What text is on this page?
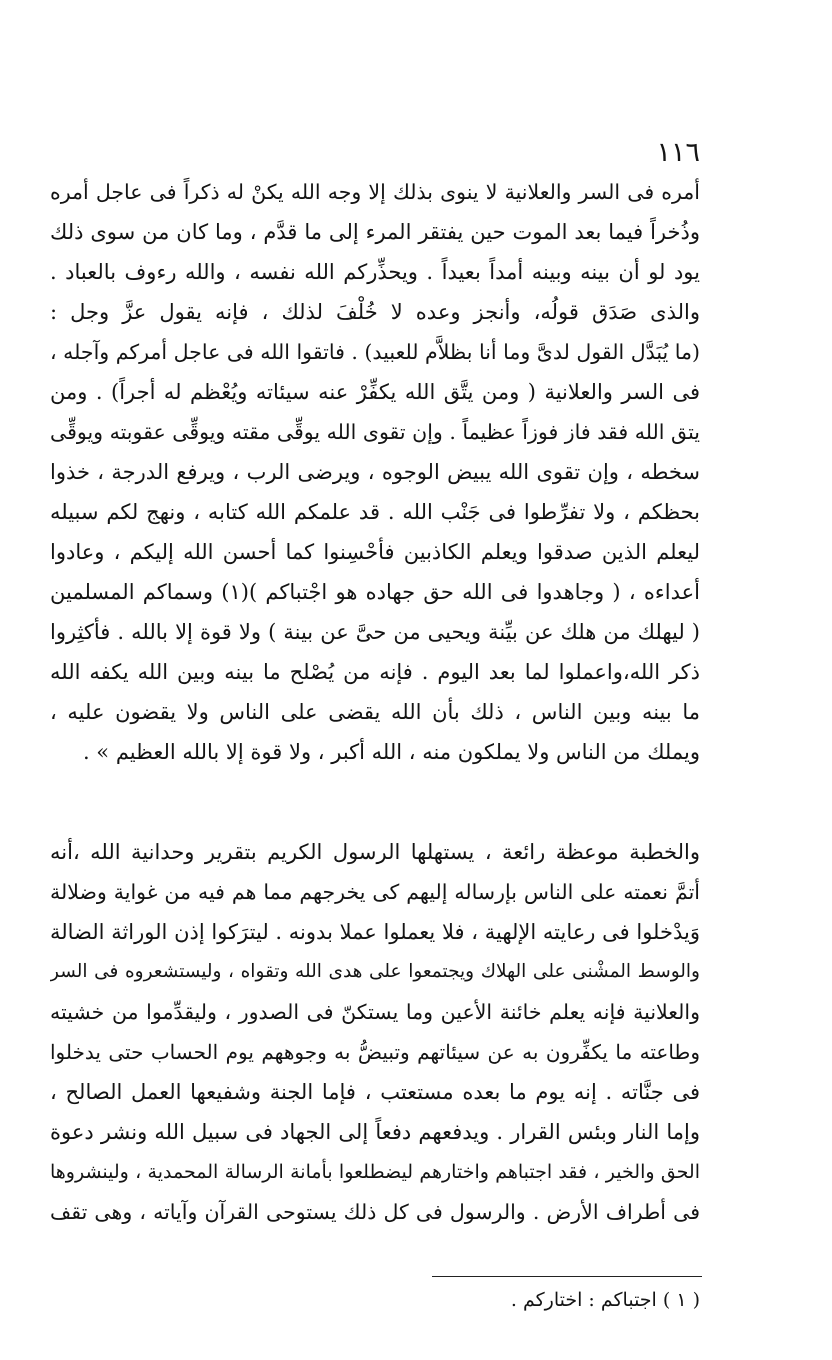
١١٦
أمره فى السر والعلانية لا ينوى بذلك إلا وجه الله يكنْ له ذكراً فى عاجل أمره
وذُخراً فيما بعد الموت حين يفتقر المرء إلى ما قدَّم ، وما كان من سوى ذلك
يود لو أن بينه وبينه أمداً بعيداً . ويحذِّركم الله نفسه ، والله رءوف بالعباد .
والذى صَدَق قولُه، وأنجز وعده لا خُلْفَ لذلك ، فإنه يقول عزَّ وجل :
(ما يُبَدَّل القول لدىَّ وما أنا بظلاَّم للعبيد) . فاتقوا الله فى عاجل أمركم وآجله ،
فى السر والعلانية ( ومن يتَّق الله يكفِّرْ عنه سيئاته ويُعْظم له أجراً) . ومن
يتق الله فقد فاز فوزاً عظيماً . وإن تقوى الله يوقِّى مقته ويوقِّى عقوبته ويوقِّى
سخطه ، وإن تقوى الله يبيض الوجوه ، ويرضى الرب ، ويرفع الدرجة ، خذوا
بحظكم ، ولا تفرِّطوا فى جَنْب الله . قد علمكم الله كتابه ، ونهج لكم سبيله
ليعلم الذين صدقوا ويعلم الكاذبين فأحْسِنوا كما أحسن الله إليكم ، وعادوا
أعداءه ، ( وجاهدوا فى الله حق جهاده هو اجْتباكم )(١) وسماكم المسلمين
( ليهلك من هلك عن بيِّنة ويحيى من حىَّ عن بينة ) ولا قوة إلا بالله . فأكثِروا
ذكر الله،واعملوا لما بعد اليوم . فإنه من يُصْلح ما بينه وبين الله يكفه الله
ما بينه وبين الناس ، ذلك بأن الله يقضى على الناس ولا يقضون عليه ،
ويملك من الناس ولا يملكون منه ، الله أكبر ، ولا قوة إلا بالله العظيم » .
والخطبة موعظة رائعة ، يستهلها الرسول الكريم بتقرير وحدانية الله ،أنه
أتمَّ نعمته على الناس بإرساله إليهم كى يخرجهم مما هم فيه من غواية وضلالة
وَيدْخلوا فى رعايته الإلهية ، فلا يعملوا عملا بدونه . ليترَكوا إذن الوراثة الضالة
والوسط المشْنى على الهلاك ويجتمعوا على هدى الله وتقواه ، وليستشعروه فى السر
والعلانية فإنه يعلم خائنة الأعين وما يستكنّ فى الصدور ، وليقدِّموا من خشيته
وطاعته ما يكفِّرون به عن سيئاتهم وتبيضُّ به وجوههم يوم الحساب حتى يدخلوا
فى جنَّاته . إنه يوم ما بعده مستعتب ، فإما الجنة وشفيعها العمل الصالح ،
وإما النار وبئس القرار . ويدفعهم دفعاً إلى الجهاد فى سبيل الله ونشر دعوة
الحق والخير ، فقد اجتباهم واختارهم ليضطلعوا بأمانة الرسالة المحمدية ، ولينشروها
فى أطراف الأرض . والرسول فى كل ذلك يستوحى القرآن وآياته ، وهى تقف
( ١ ) اجتباكم : اختاركم .
